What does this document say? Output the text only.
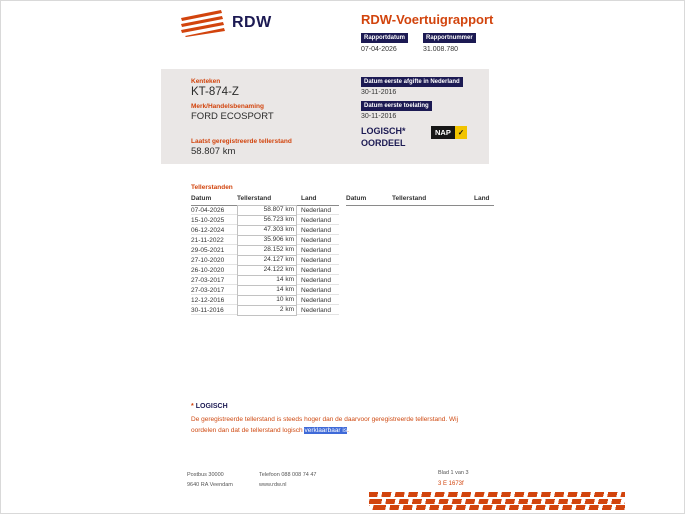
RDW	RDW-Voertuigrapport
Rapportdatum	Rapportnummer
07-04-2026	31.008.780
Kenteken
KT-874-Z
Merk/Handelsbenaming
FORD ECOSPORT
Laatst geregistreerde tellerstand
58.807 km
Datum eerste afgifte in Nederland
30-11-2016
Datum eerste toelating
30-11-2016
LOGISCH*
OORDEEL
NAP ✓
Tellerstanden
Datum	Tellerstand	Land	Datum	Tellerstand	Land
07-04-2026	58.807 km	Nederland
15-10-2025	56.723 km	Nederland
06-12-2024	47.303 km	Nederland
21-11-2022	35.906 km	Nederland
29-05-2021	28.152 km	Nederland
27-10-2020	24.127 km	Nederland
26-10-2020	24.122 km	Nederland
27-03-2017	14 km	Nederland
27-03-2017	14 km	Nederland
12-12-2016	10 km	Nederland
30-11-2016	2 km	Nederland
* LOGISCH
De geregistreerde tellerstand is steeds hoger dan de daarvoor geregistreerde tellerstand. Wij oordelen dan dat de tellerstand logisch verklaarbaar is.
Postbus 30000
9640 RA Veendam
Telefoon 088 008 74 47
www.rdw.nl
Blad 1 van 3
3 E 1673f
